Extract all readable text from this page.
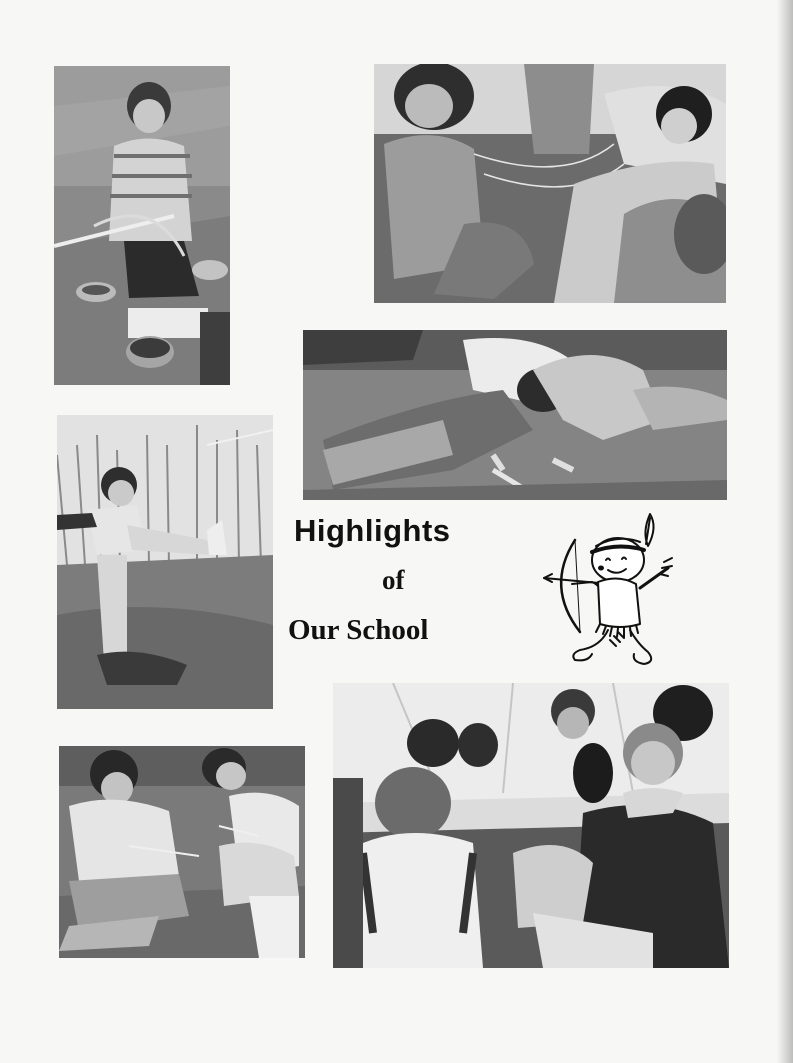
Highlights
of
Our School
